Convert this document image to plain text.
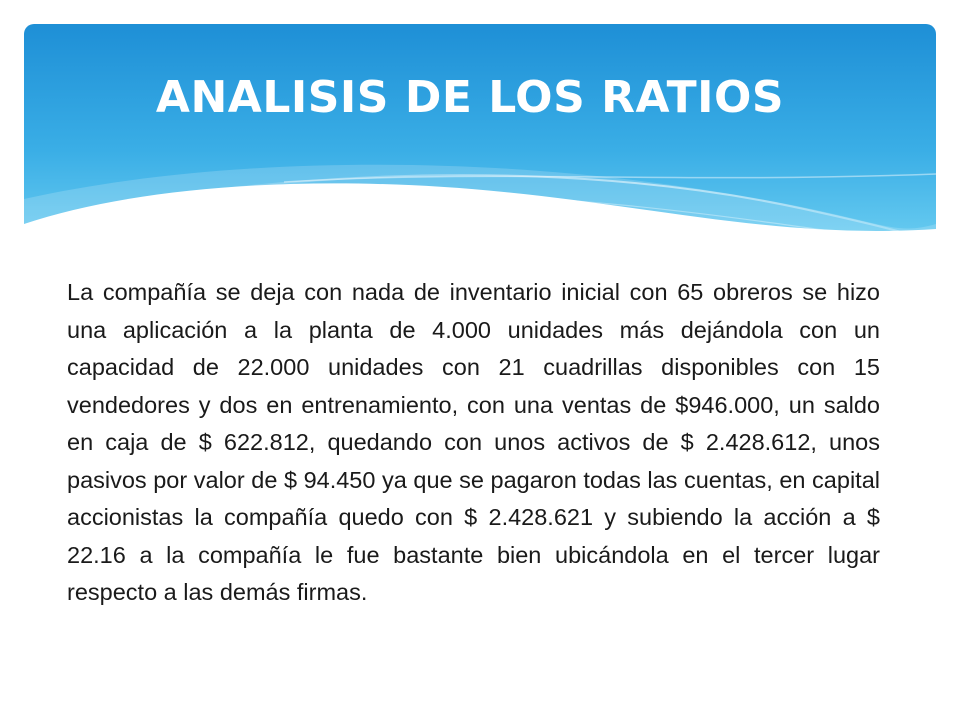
ANALISIS DE LOS RATIOS

La compañía se deja con nada de inventario inicial con 65 obreros se hizo una aplicación a la planta de 4.000 unidades más dejándola con un capacidad de 22.000 unidades con 21 cuadrillas disponibles con 15 vendedores y dos en entrenamiento, con una ventas de $946.000, un saldo en caja de $ 622.812, quedando con unos activos de $ 2.428.612, unos pasivos por valor de $ 94.450 ya que se pagaron todas las cuentas, en capital accionistas la compañía quedo con $ 2.428.621 y subiendo la acción a $ 22.16 a la compañía le fue bastante bien ubicándola en el tercer lugar respecto a las demás firmas.
